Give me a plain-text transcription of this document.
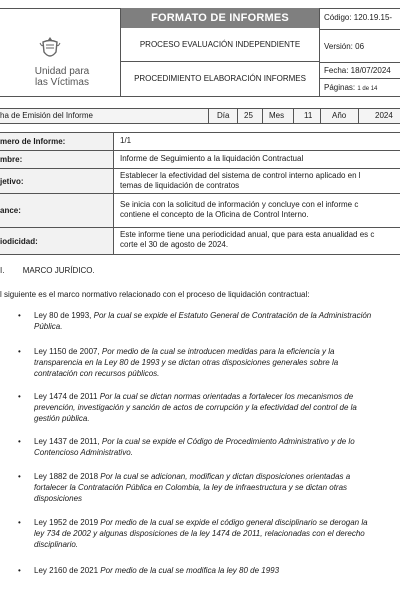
Unidad para
las Víctimas
FORMATO DE INFORMES
PROCESO EVALUACIÓN INDEPENDIENTE
PROCEDIMIENTO ELABORACIÓN INFORMES
Código: 120.19.15-
Versión: 06
Fecha: 18/07/2024
Páginas: 1 de 14
ha de Emisión del Informe	Día 25 Mes 11 Año	2024
mero de Informe:	1/1
mbre:	Informe de Seguimiento a la liquidación Contractual
jetivo:
Establecer la efectividad del sistema de control interno aplicado en l
temas de liquidación de contratos
ance:
Se inicia con la solicitud de información y concluye con el informe c
contiene el concepto de la Oficina de Control Interno.
iodicidad:
Este informe tiene una periodicidad anual, que para esta anualidad es c
corte el 30 de agosto de 2024.
I. MARCO JURÍDICO.
l siguiente es el marco normativo relacionado con el proceso de liquidación contractual:
• Ley 80 de 1993, Por la cual se expide el Estatuto General de Contratación de la Administración
Pública.
• Ley 1150 de 2007, Por medio de la cual se introducen medidas para la eficiencia y la
transparencia en la Ley 80 de 1993 y se dictan otras disposiciones generales sobre la
contratación con recursos públicos.
• Ley 1474 de 2011 Por la cual se dictan normas orientadas a fortalecer los mecanismos de
prevención, investigación y sanción de actos de corrupción y la efectividad del control de la
gestión pública.
• Ley 1437 de 2011, Por la cual se expide el Código de Procedimiento Administrativo y de lo
Contencioso Administrativo.
• Ley 1882 de 2018 Por la cual se adicionan, modifican y dictan disposiciones orientadas a
fortalecer la Contratación Pública en Colombia, la ley de infraestructura y se dictan otras
disposiciones
• Ley 1952 de 2019 Por medio de la cual se expide el código general disciplinario se derogan la
ley 734 de 2002 y algunas disposiciones de la ley 1474 de 2011, relacionadas con el derecho
disciplinario.
• Ley 2160 de 2021 Por medio de la cual se modifica la ley 80 de 1993
